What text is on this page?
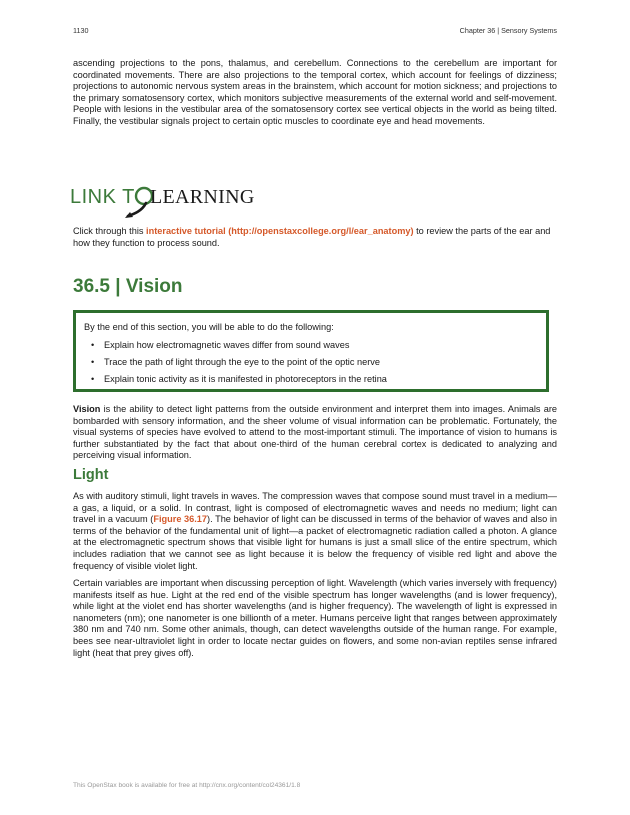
1130	Chapter 36 | Sensory Systems

ascending projections to the pons, thalamus, and cerebellum. Connections to the cerebellum are important for coordinated movements. There are also projections to the temporal cortex, which account for feelings of dizziness; projections to autonomic nervous system areas in the brainstem, which account for motion sickness; and projections to the primary somatosensory cortex, which monitors subjective measurements of the external world and self-movement. People with lesions in the vestibular area of the somatosensory cortex see vertical objects in the world as being tilted. Finally, the vestibular signals project to certain optic muscles to coordinate eye and head movements.

LINK T LEARNING

Click through this interactive tutorial (http://openstaxcollege.org/l/ear_anatomy) to review the parts of the ear and how they function to process sound.

36.5 | Vision

By the end of this section, you will be able to do the following:

• Explain how electromagnetic waves differ from sound waves
• Trace the path of light through the eye to the point of the optic nerve
• Explain tonic activity as it is manifested in photoreceptors in the retina

Vision is the ability to detect light patterns from the outside environment and interpret them into images. Animals are bombarded with sensory information, and the sheer volume of visual information can be problematic. Fortunately, the visual systems of species have evolved to attend to the most-important stimuli. The importance of vision to humans is further substantiated by the fact that about one-third of the human cerebral cortex is dedicated to analyzing and perceiving visual information.

Light

As with auditory stimuli, light travels in waves. The compression waves that compose sound must travel in a medium—a gas, a liquid, or a solid. In contrast, light is composed of electromagnetic waves and needs no medium; light can travel in a vacuum (Figure 36.17). The behavior of light can be discussed in terms of the behavior of waves and also in terms of the behavior of the fundamental unit of light—a packet of electromagnetic radiation called a photon. A glance at the electromagnetic spectrum shows that visible light for humans is just a small slice of the entire spectrum, which includes radiation that we cannot see as light because it is below the frequency of visible red light and above the frequency of visible violet light.

Certain variables are important when discussing perception of light. Wavelength (which varies inversely with frequency) manifests itself as hue. Light at the red end of the visible spectrum has longer wavelengths (and is lower frequency), while light at the violet end has shorter wavelengths (and is higher frequency). The wavelength of light is expressed in nanometers (nm); one nanometer is one billionth of a meter. Humans perceive light that ranges between approximately 380 nm and 740 nm. Some other animals, though, can detect wavelengths outside of the human range. For example, bees see near-ultraviolet light in order to locate nectar guides on flowers, and some non-avian reptiles sense infrared light (heat that prey gives off).

This OpenStax book is available for free at http://cnx.org/content/col24361/1.8
